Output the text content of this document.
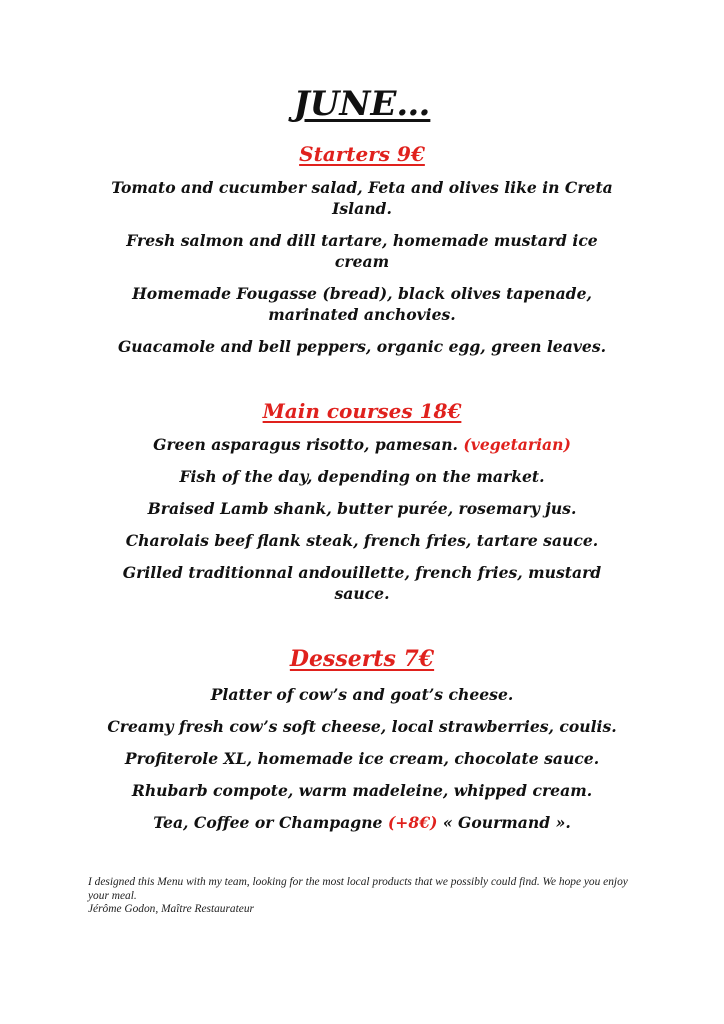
JUNE…
Starters 9€
Tomato and cucumber salad, Feta and olives like in Creta Island.
Fresh salmon and dill tartare, homemade mustard ice cream
Homemade Fougasse (bread), black olives tapenade, marinated anchovies.
Guacamole and bell peppers, organic egg, green leaves.
Main courses 18€
Green asparagus risotto, pamesan. (vegetarian)
Fish of the day, depending on the market.
Braised Lamb shank, butter purée, rosemary jus.
Charolais beef flank steak, french fries, tartare sauce.
Grilled traditionnal andouillette, french fries, mustard sauce.
Desserts 7€
Platter of cow’s and goat’s cheese.
Creamy fresh cow’s soft cheese, local strawberries, coulis.
Profiterole XL, homemade ice cream, chocolate sauce.
Rhubarb compote, warm madeleine, whipped cream.
Tea, Coffee or Champagne (+8€) « Gourmand ».
I designed this Menu with my team, looking for the most local products that we possibly could find. We hope you enjoy your meal.
Jérôme Godon, Maître Restaurateur
